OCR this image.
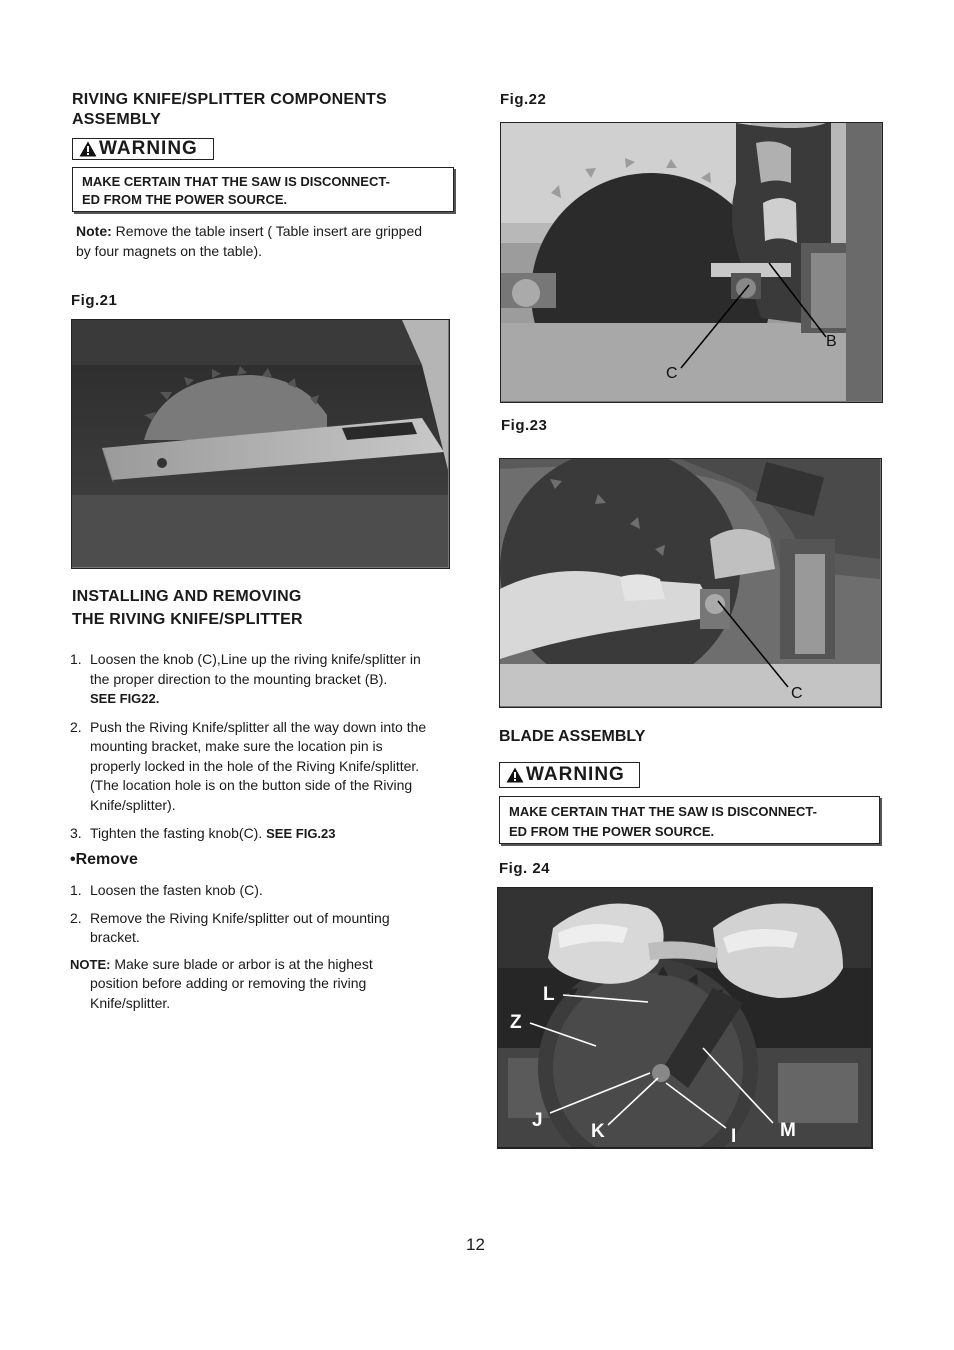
RIVING KNIFE/SPLITTER COMPONENTS
ASSEMBLY
WARNING
MAKE CERTAIN THAT THE SAW IS DISCONNECT-
ED FROM THE POWER SOURCE.
Note: Remove the table insert ( Table insert are gripped
by four magnets on the table).
Fig.21
INSTALLING AND REMOVING
THE RIVING KNIFE/SPLITTER
1. Loosen the knob (C),Line up the riving knife/splitter in
the proper direction to the mounting bracket (B).
SEE FIG22.
2. Push the Riving Knife/splitter all the way down into the
mounting bracket, make sure the location pin is
properly locked in the hole of the Riving Knife/splitter.
(The location hole is on the button side of the Riving
Knife/splitter).
3. Tighten the fasting knob(C). SEE FIG.23
•Remove
1. Loosen the fasten knob (C).
2. Remove the Riving Knife/splitter out of mounting
bracket.
NOTE: Make sure blade or arbor is at the highest
position before adding or removing the riving
Knife/splitter.
Fig.22
B
C
Fig.23
C
BLADE ASSEMBLY
WARNING
MAKE CERTAIN THAT THE SAW IS DISCONNECT-
ED FROM THE POWER SOURCE.
Fig. 24
L
Z
J
K	I M
12
